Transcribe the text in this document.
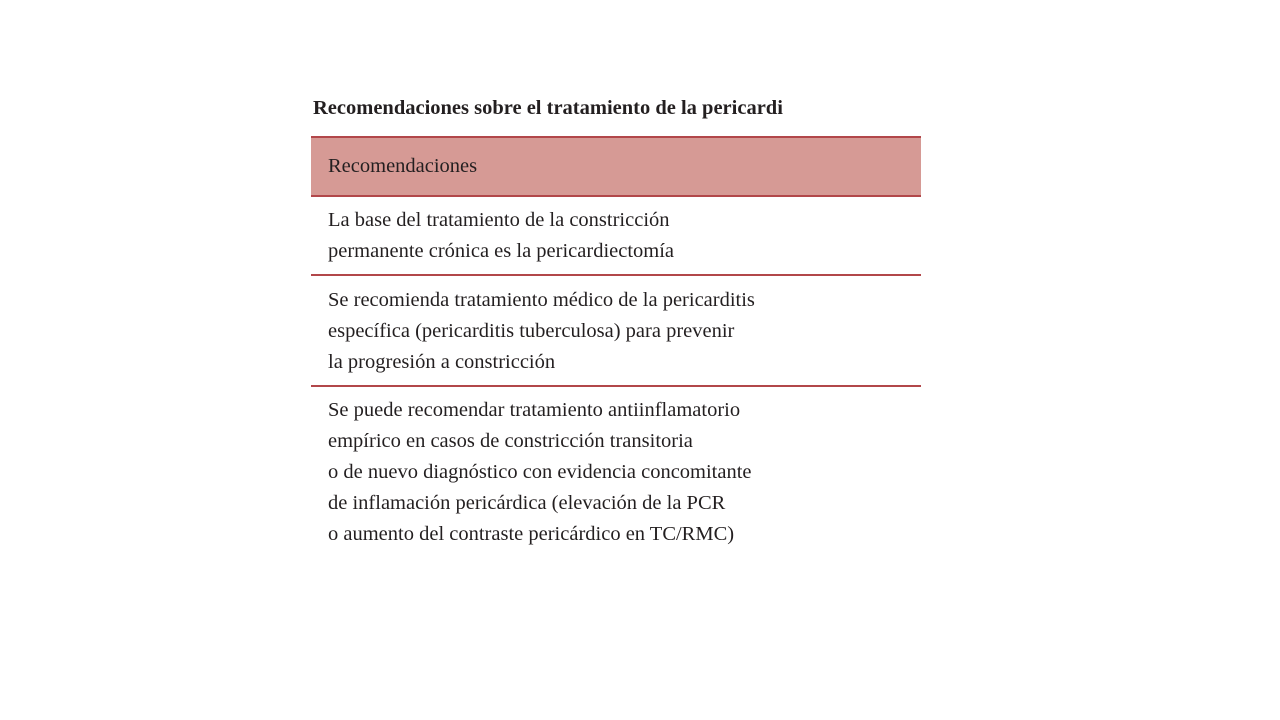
Recomendaciones sobre el tratamiento de la pericardi
Recomendaciones
La base del tratamiento de la constricción
permanente crónica es la pericardiectomía
Se recomienda tratamiento médico de la pericarditis
específica (pericarditis tuberculosa) para prevenir
la progresión a constricción
Se puede recomendar tratamiento antiinflamatorio
empírico en casos de constricción transitoria
o de nuevo diagnóstico con evidencia concomitante
de inflamación pericárdica (elevación de la PCR
o aumento del contraste pericárdico en TC/RMC)
